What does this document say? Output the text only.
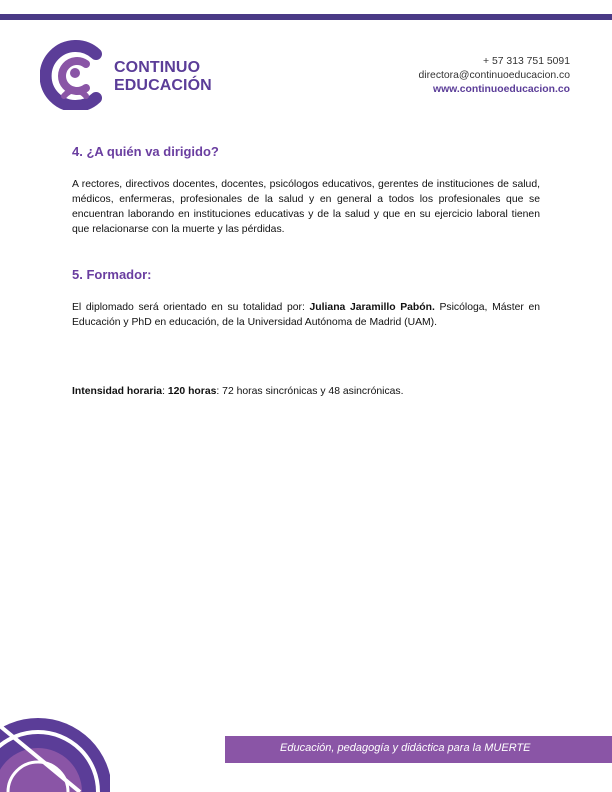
CONTINUO
EDUCACIÓN
+ 57 313 751 5091
directora@continuoeducacion.co
www.continuoeducacion.co
4. ¿A quién va dirigido?

A rectores, directivos docentes, docentes, psicólogos educativos, gerentes de instituciones de salud, médicos, enfermeras, profesionales de la salud y en general a todos los profesionales que se encuentran laborando en instituciones educativas y de la salud y que en su ejercicio laboral tienen que relacionarse con la muerte y las pérdidas.

5. Formador:

El diplomado será orientado en su totalidad por: Juliana Jaramillo Pabón. Psicóloga, Máster en Educación y PhD en educación, de la Universidad Autónoma de Madrid (UAM).

Intensidad horaria: 120 horas: 72 horas sincrónicas y 48 asincrónicas.

Educación, pedagogía y didáctica para la MUERTE
